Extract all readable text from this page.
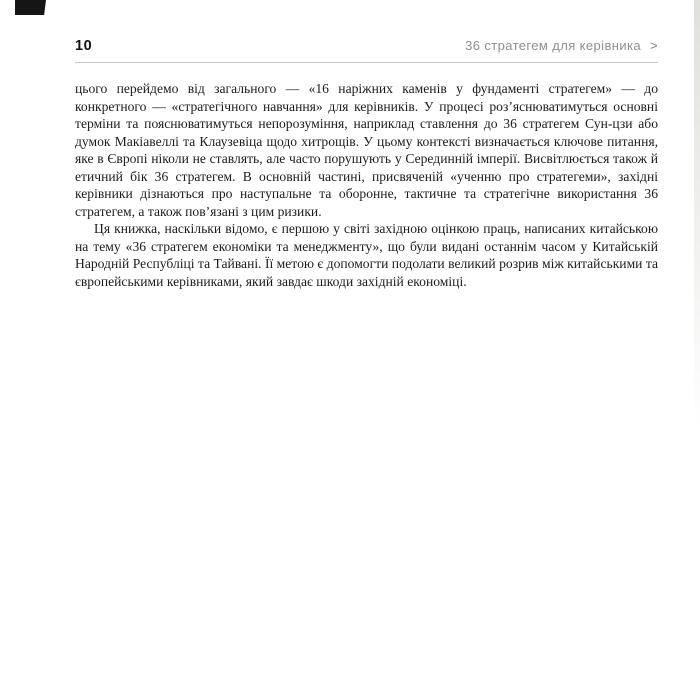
10	36 стратегем для керівника >

цього перейдемо від загального — «16 наріжних каменів у фундаменті стратегем» — до конкретного — «стратегічного навчання» для керівників. У процесі роз’яснюватимуться основні терміни та пояснюватимуться непорозуміння, наприклад ставлення до 36 стратегем Сун-цзи або думок Макіавеллі та Клаузевіца щодо хитрощів. У цьому контексті визначається ключове питання, яке в Європі ніколи не ставлять, але часто порушують у Серединній імперії. Висвітлюється також й етичний бік 36 стратегем. В основній частині, присвяченій «ученню про стратегеми», західні керівники дізнаються про наступальне та оборонне, тактичне та стратегічне використання 36 стратегем, а також пов’язані з цим ризики.

Ця книжка, наскільки відомо, є першою у світі західною оцінкою праць, написаних китайською на тему «36 стратегем економіки та менеджменту», що були видані останнім часом у Китайській Народній Республіці та Тайвані. Її метою є допомогти подолати великий розрив між китайськими та європейськими керівниками, який завдає шкоди західній економіці.
